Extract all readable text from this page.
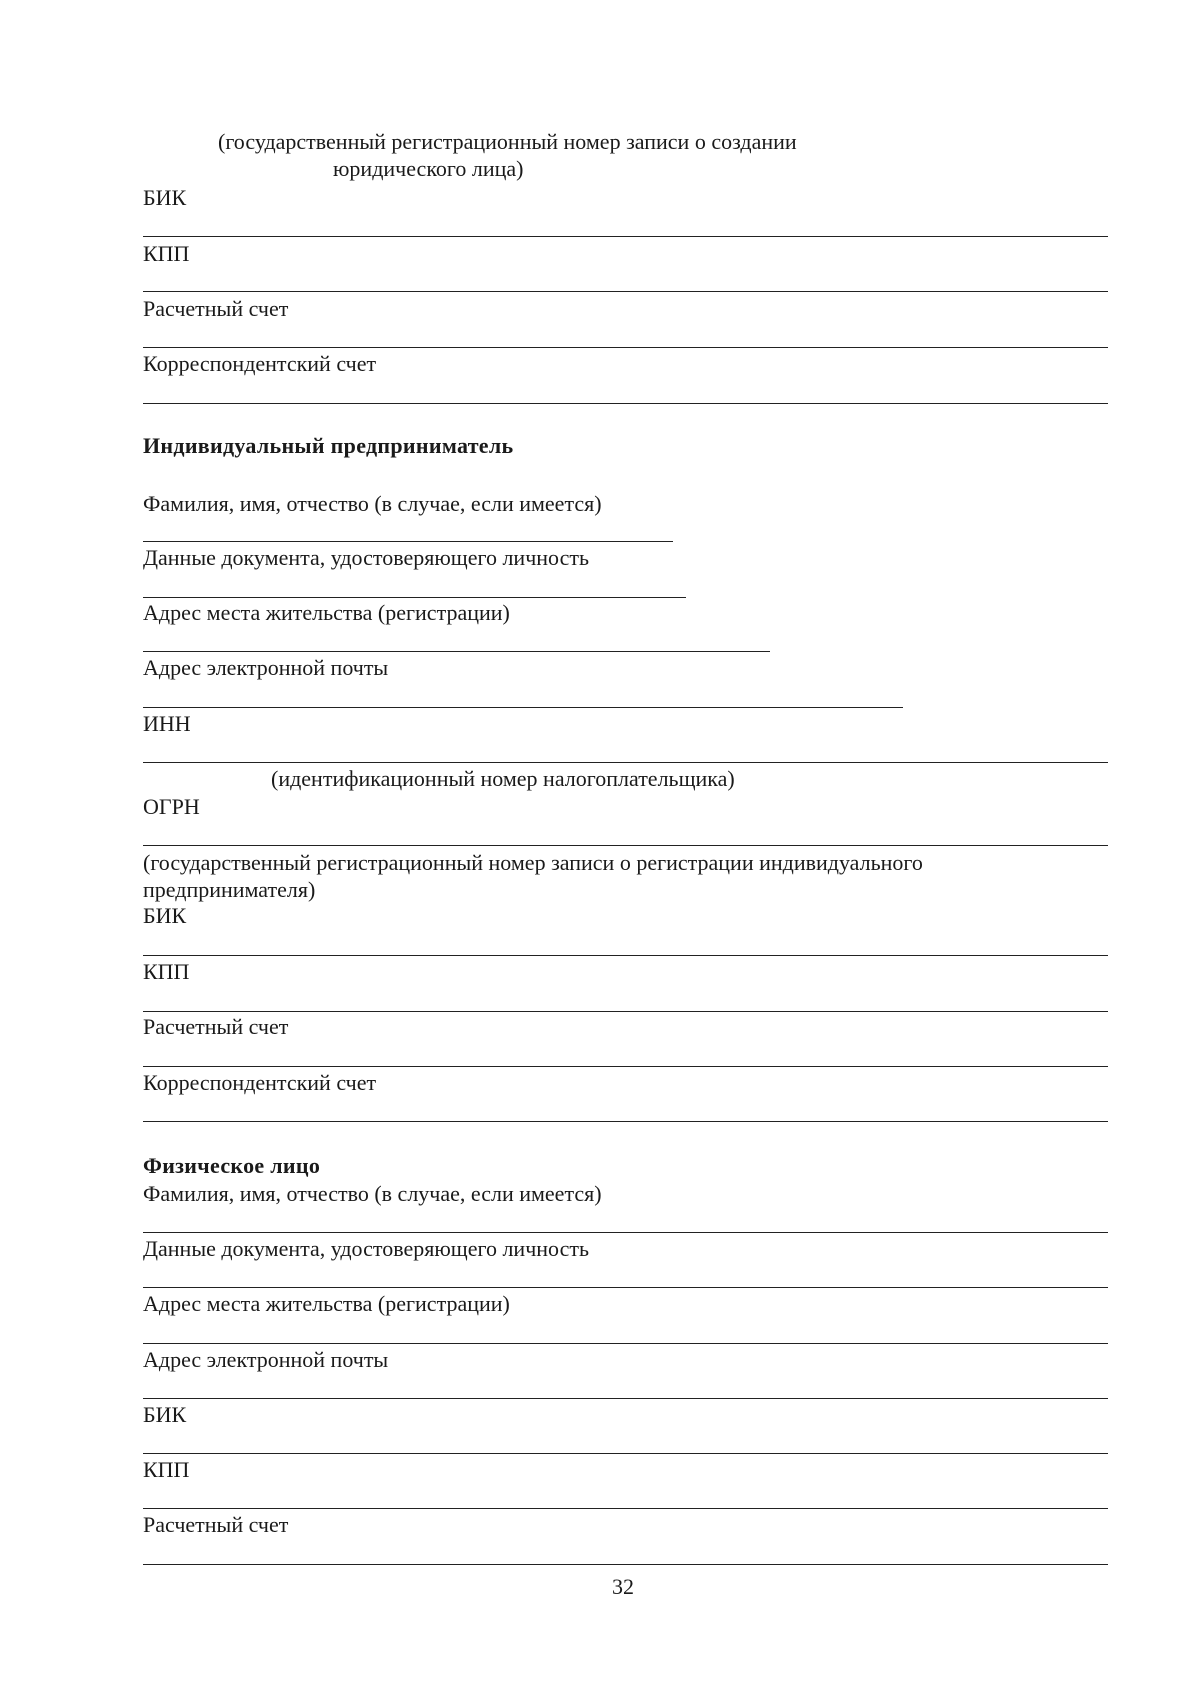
(государственный регистрационный номер записи о создании
юридического лица)
БИК
КПП
Расчетный счет
Корреспондентский счет
Индивидуальный предприниматель
Фамилия, имя, отчество (в случае, если имеется)
Данные документа, удостоверяющего личность
Адрес места жительства (регистрации)
Адрес электронной почты
ИНН
(идентификационный номер налогоплательщика)
ОГРН
(государственный регистрационный номер записи о регистрации индивидуального
предпринимателя)
БИК
КПП
Расчетный счет
Корреспондентский счет
Физическое лицо
Фамилия, имя, отчество (в случае, если имеется)
Данные документа, удостоверяющего личность
Адрес места жительства (регистрации)
Адрес электронной почты
БИК
КПП
Расчетный счет
32
